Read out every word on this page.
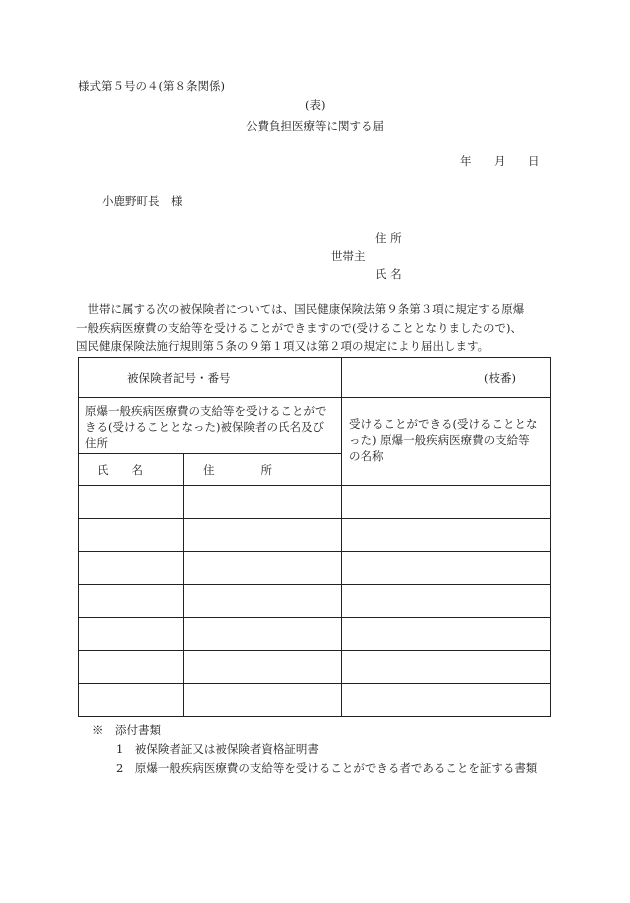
様式第５号の４(第８条関係)
(表)
公費負担医療等に関する届
年 月 日
小鹿野町長　様
住 所
世帯主
氏 名

世帯に属する次の被保険者については、国民健康保険法第９条第３項に規定する原爆

一般疾病医療費の支給等を受けることができますので(受けることとなりましたので)、

国民健康保険法施行規則第５条の９第１項又は第２項の規定により届出します。

被保険者記号・番号	(枝番)
原爆一般疾病医療費の支給等を受けることがで
きる(受けることとなった)被保険者の氏名及び
住所
受けることができる(受けることとな
った) 原爆一般疾病医療費の支給等
の名称
氏　　名	住　　　　所
※　添付書類
1　被保険者証又は被保険者資格証明書
2　原爆一般疾病医療費の支給等を受けることができる者であることを証する書類
